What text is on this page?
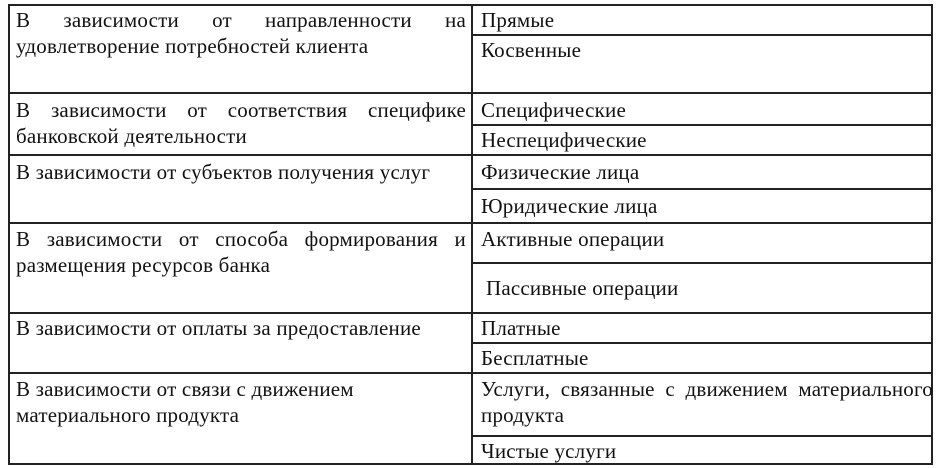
В зависимости от направленности на удовлетворение потребностей клиента
Прямые
Косвенные
В зависимости от соответствия специфике банковской деятельности
Специфические
Неспецифические
В зависимости от субъектов получения услуг	Физические лица
Юридические лица
В зависимости от способа формирования и размещения ресурсов банка
Активные операции
Пассивные операции
В зависимости от оплаты за предоставление	Платные
Бесплатные
В зависимости от связи с движением материального продукта
Услуги, связанные с движением материального продукта
Чистые услуги
